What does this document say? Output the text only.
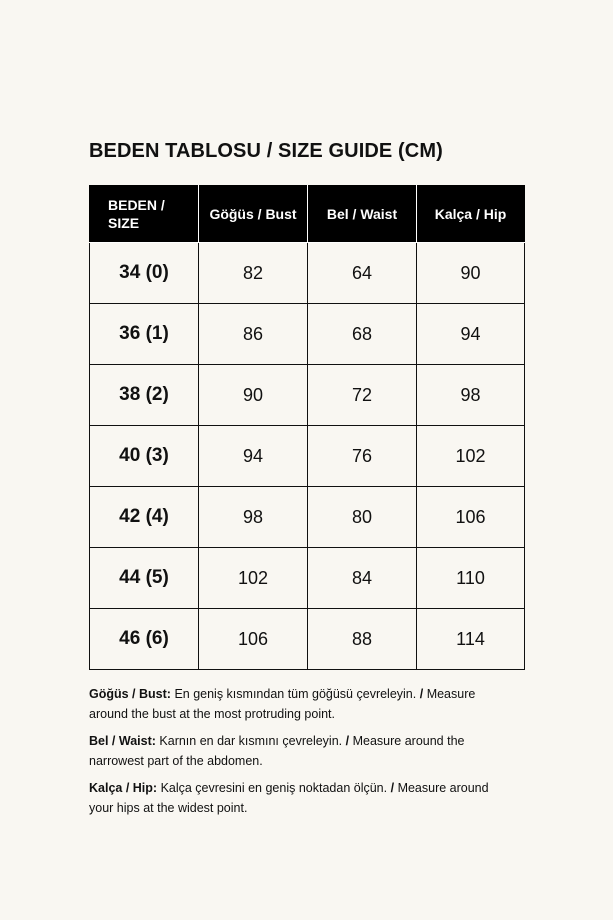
BEDEN TABLOSU / SIZE GUIDE (CM)
BEDEN /
SIZE	Göğüs / Bust	Bel / Waist	Kalça / Hip
34 (0)	82	64	90
36 (1)	86	68	94
38 (2)	90	72	98
40 (3)	94	76	102
42 (4)	98	80	106
44 (5)	102	84	110
46 (6)	106	88	114

Göğüs / Bust: En geniş kısmından tüm göğüsü çevreleyin. / Measure around the bust at the most protruding point.

Bel / Waist: Karnın en dar kısmını çevreleyin. / Measure around the narrowest part of the abdomen.

Kalça / Hip: Kalça çevresini en geniş noktadan ölçün. / Measure around your hips at the widest point.
